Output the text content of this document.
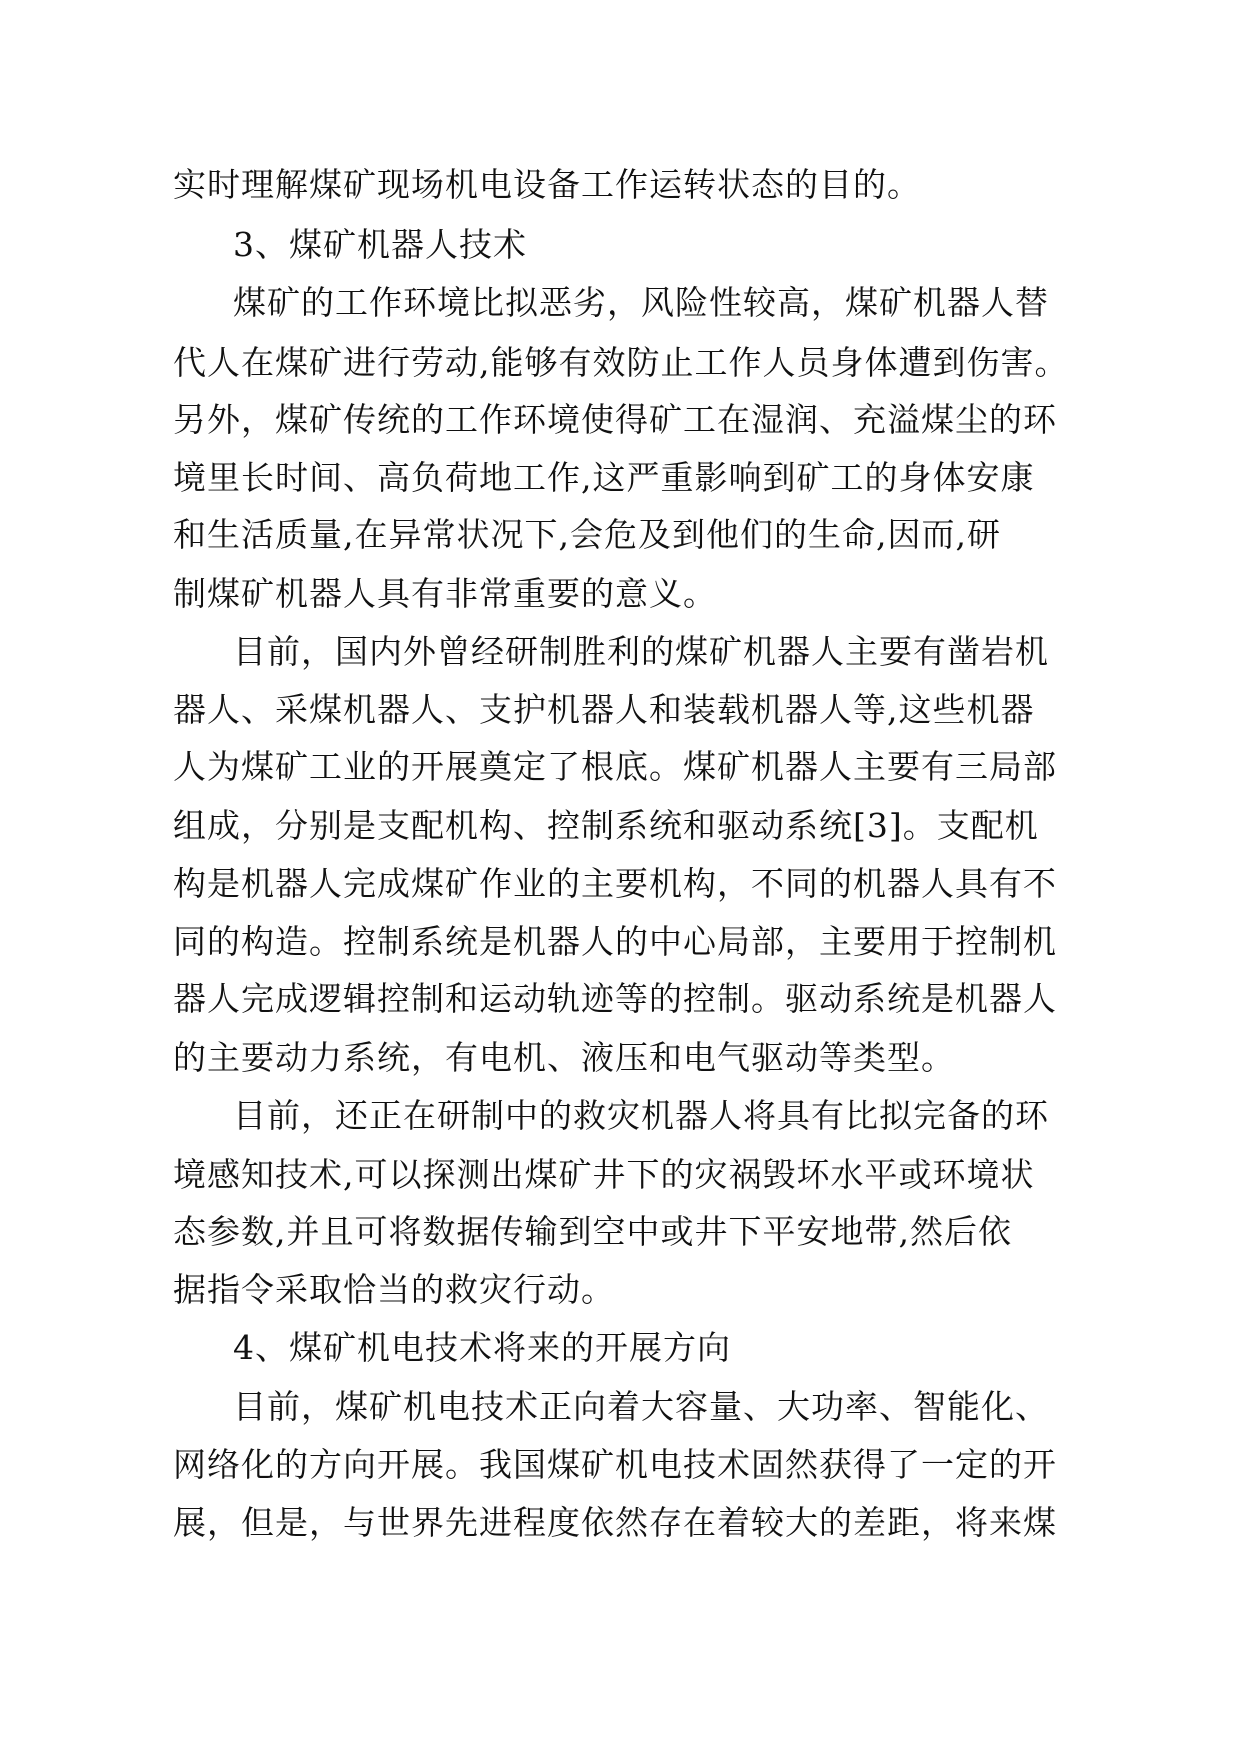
实时理解煤矿现场机电设备工作运转状态的目的。
3、煤矿机器人技术
煤矿的工作环境比拟恶劣，风险性较高，煤矿机器人替
代人在煤矿进行劳动,能够有效防止工作人员身体遭到伤害。
另外，煤矿传统的工作环境使得矿工在湿润、充溢煤尘的环
境里长时间、高负荷地工作,这严重影响到矿工的身体安康
和生活质量,在异常状况下,会危及到他们的生命,因而,研
制煤矿机器人具有非常重要的意义。
目前，国内外曾经研制胜利的煤矿机器人主要有凿岩机
器人、采煤机器人、支护机器人和装载机器人等,这些机器
人为煤矿工业的开展奠定了根底。煤矿机器人主要有三局部
组成，分别是支配机构、控制系统和驱动系统[3]。支配机
构是机器人完成煤矿作业的主要机构，不同的机器人具有不
同的构造。控制系统是机器人的中心局部，主要用于控制机
器人完成逻辑控制和运动轨迹等的控制。驱动系统是机器人
的主要动力系统，有电机、液压和电气驱动等类型。
目前，还正在研制中的救灾机器人将具有比拟完备的环
境感知技术,可以探测出煤矿井下的灾祸毁坏水平或环境状
态参数,并且可将数据传输到空中或井下平安地带,然后依
据指令采取恰当的救灾行动。
4、煤矿机电技术将来的开展方向
目前，煤矿机电技术正向着大容量、大功率、智能化、
网络化的方向开展。我国煤矿机电技术固然获得了一定的开
展，但是，与世界先进程度依然存在着较大的差距，将来煤
